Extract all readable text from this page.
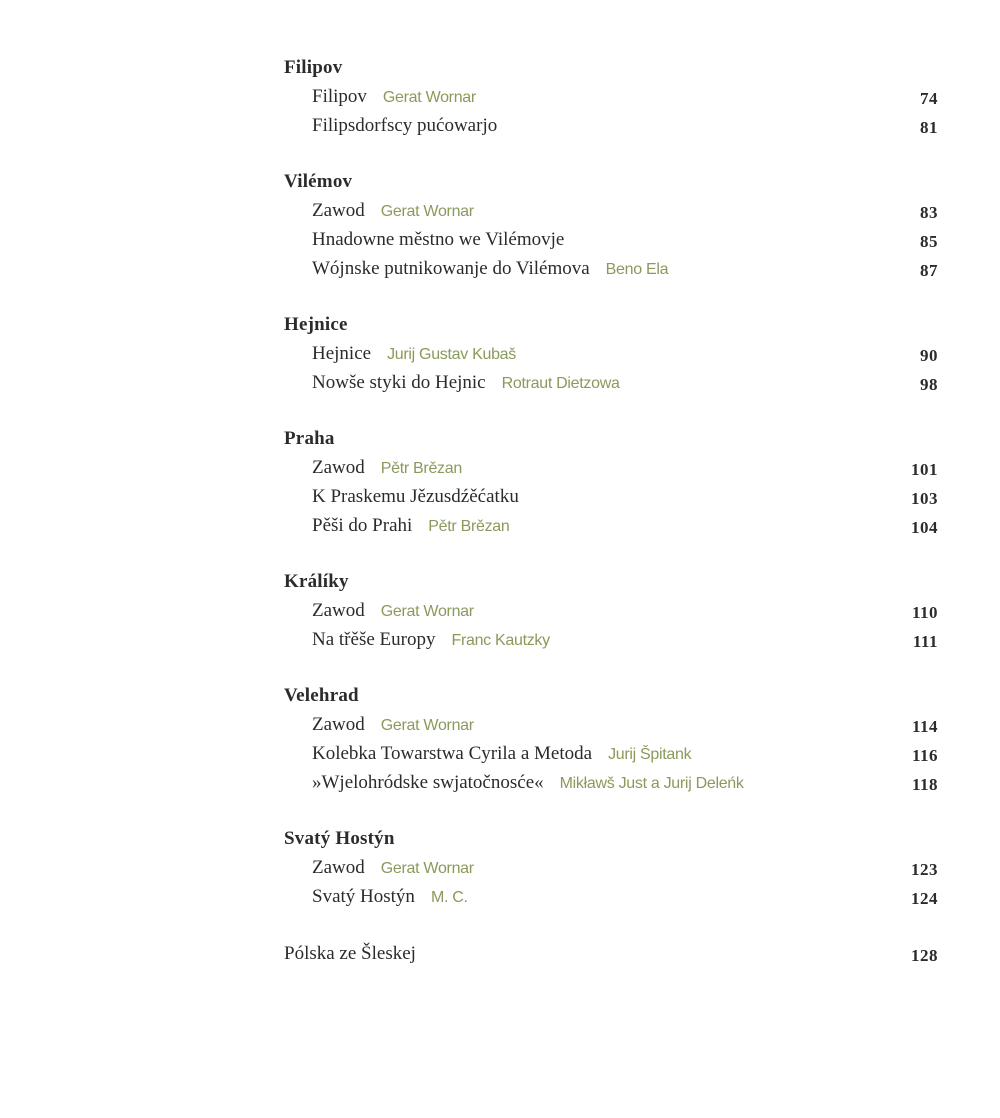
Filipov
Filipov Gerat Wornar	74
Filipsdorfscy pućowarjo	81
Vilémov
Zawod Gerat Wornar	83
Hnadowne městno we Vilémovje	85
Wójnske putnikowanje do Vilémova Beno Ela	87
Hejnice
Hejnice Jurij Gustav Kubaš	90
Nowše styki do Hejnic Rotraut Dietzowa	98
Praha
Zawod Pětr Brězan	101
K Praskemu Jězusdźěćatku	103
Pěši do Prahi Pětr Brězan	104
Králíky
Zawod Gerat Wornar	110
Na třěše Europy Franc Kautzky	111
Velehrad
Zawod Gerat Wornar	114
Kolebka Towarstwa Cyrila a Metoda Jurij Špitank	116
»Wjelohródske swjatočnosće« Mikławš Just a Jurij Deleńk	118
Svatý Hostýn
Zawod Gerat Wornar	123
Svatý Hostýn M. C.	124
Pólska ze Šleskej	128
